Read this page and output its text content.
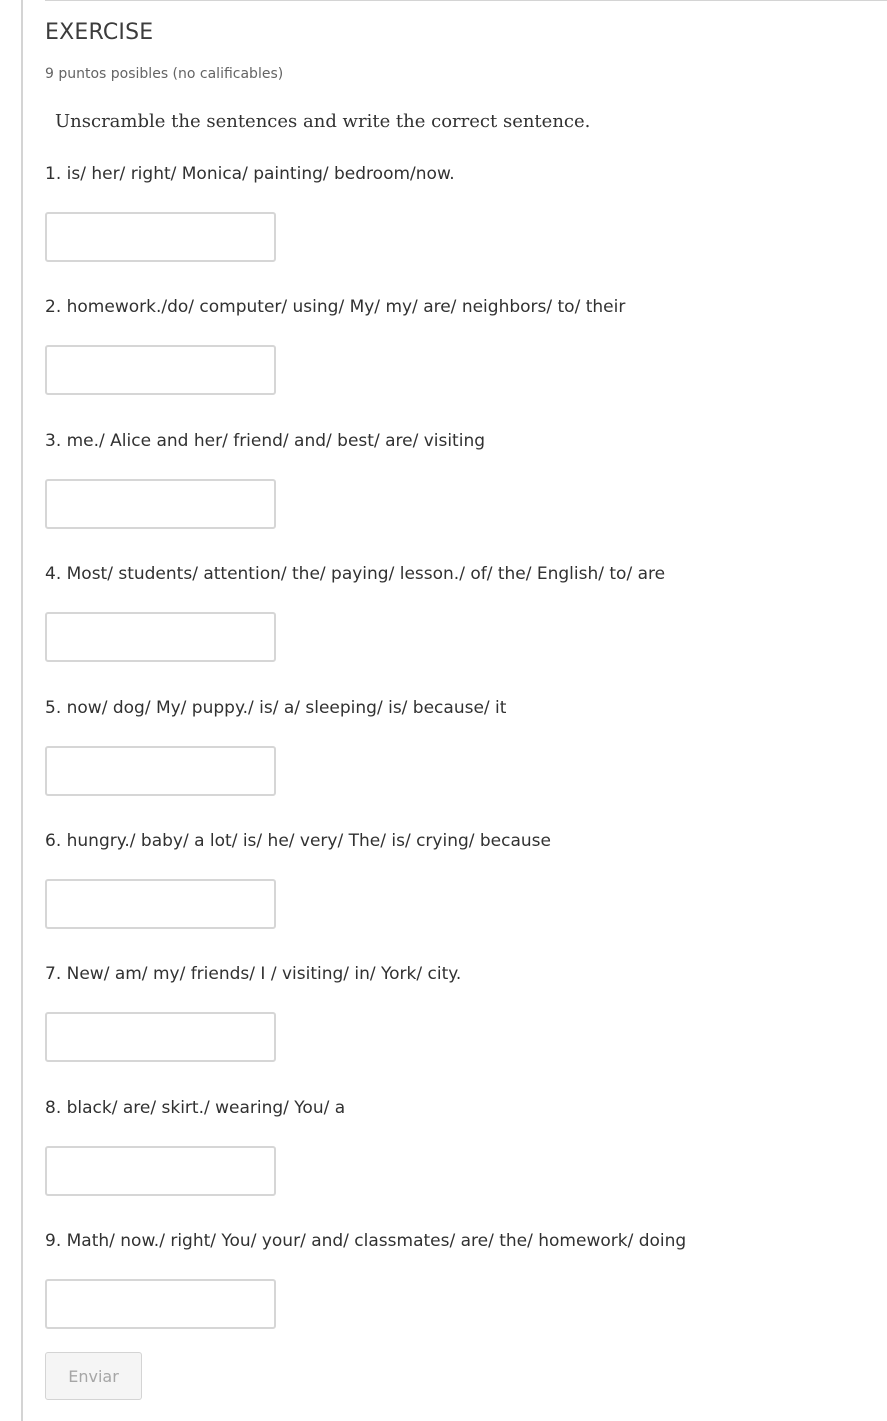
EXERCISE
9 puntos posibles (no calificables)
Unscramble the sentences and write the correct sentence.
1. is/ her/ right/ Monica/ painting/ bedroom/now.
2. homework./do/ computer/ using/ My/ my/ are/ neighbors/ to/ their
3. me./ Alice and her/ friend/ and/ best/ are/ visiting
4. Most/ students/ attention/ the/ paying/ lesson./ of/ the/ English/ to/ are
5. now/ dog/ My/ puppy./ is/ a/ sleeping/ is/ because/ it
6. hungry./ baby/ a lot/ is/ he/ very/ The/ is/ crying/ because
7. New/ am/ my/ friends/ I / visiting/ in/ York/ city.
8. black/ are/ skirt./ wearing/ You/ a
9. Math/ now./ right/ You/ your/ and/ classmates/ are/ the/ homework/ doing
Enviar
